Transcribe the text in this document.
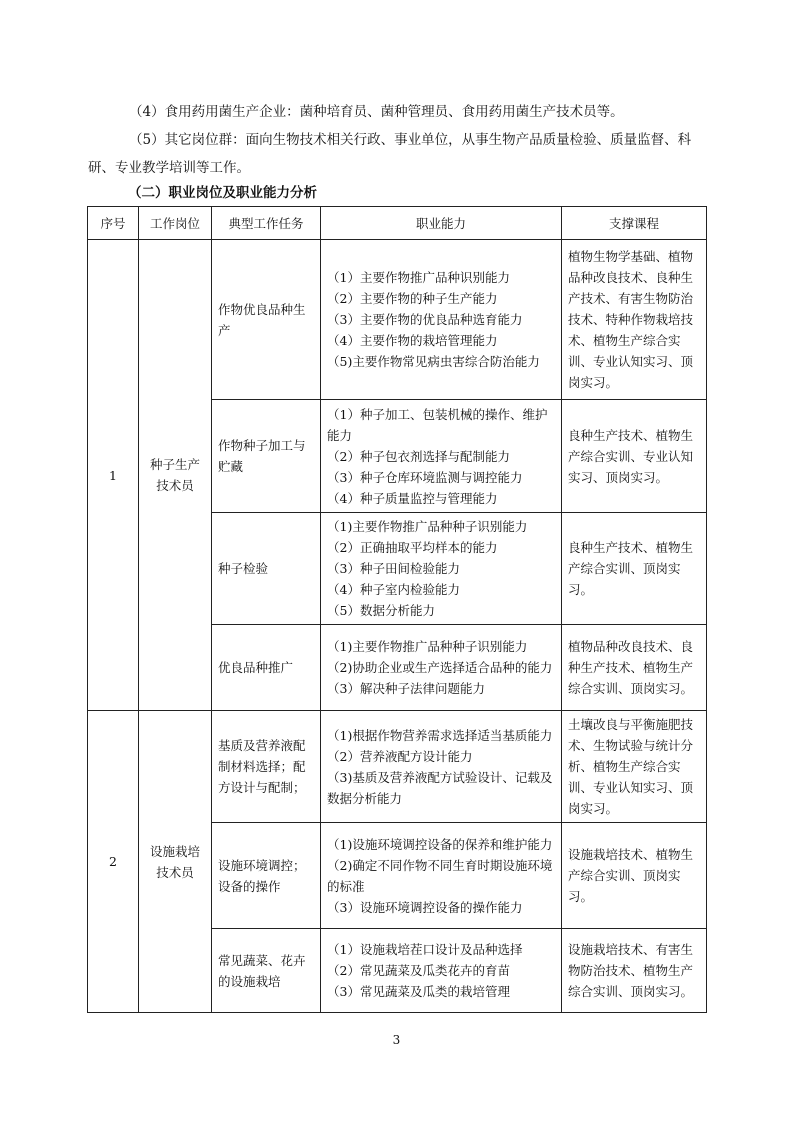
（4）食用药用菌生产企业：菌种培育员、菌种管理员、食用药用菌生产技术员等。
（5）其它岗位群：面向生物技术相关行政、事业单位，从事生物产品质量检验、质量监督、科研、专业教学培训等工作。
（二）职业岗位及职业能力分析
序号	工作岗位	典型工作任务	职业能力	支撑课程
1	种子生产技术员	作物优良品种生产	（1）主要作物推广品种识别能力
（2）主要作物的种子生产能力
（3）主要作物的优良品种选育能力
（4）主要作物的栽培管理能力
（5)主要作物常见病虫害综合防治能力	植物生物学基础、植物品种改良技术、良种生产技术、有害生物防治技术、特种作物栽培技术、植物生产综合实训、专业认知实习、顶岗实习。
		作物种子加工与贮藏	（1）种子加工、包装机械的操作、维护能力
（2）种子包衣剂选择与配制能力
（3）种子仓库环境监测与调控能力
（4）种子质量监控与管理能力	良种生产技术、植物生产综合实训、专业认知实习、顶岗实习。
		种子检验	（1)主要作物推广品种种子识别能力
（2）正确抽取平均样本的能力
（3）种子田间检验能力
（4）种子室内检验能力
（5）数据分析能力	良种生产技术、植物生产综合实训、顶岗实习。
		优良品种推广	（1)主要作物推广品种种子识别能力
（2)协助企业或生产选择适合品种的能力
（3）解决种子法律问题能力	植物品种改良技术、良种生产技术、植物生产综合实训、顶岗实习。
2	设施栽培技术员	基质及营养液配制材料选择；配方设计与配制；	（1)根据作物营养需求选择适当基质能力
（2）营养液配方设计能力
（3)基质及营养液配方试验设计、记载及数据分析能力	土壤改良与平衡施肥技术、生物试验与统计分析、植物生产综合实训、专业认知实习、顶岗实习。
		设施环境调控；设备的操作	（1)设施环境调控设备的保养和维护能力
（2)确定不同作物不同生育时期设施环境的标准
（3）设施环境调控设备的操作能力	设施栽培技术、植物生产综合实训、顶岗实习。
		常见蔬菜、花卉的设施栽培	（1）设施栽培茬口设计及品种选择
（2）常见蔬菜及瓜类花卉的育苗
（3）常见蔬菜及瓜类的栽培管理	设施栽培技术、有害生物防治技术、植物生产综合实训、顶岗实习。
3
